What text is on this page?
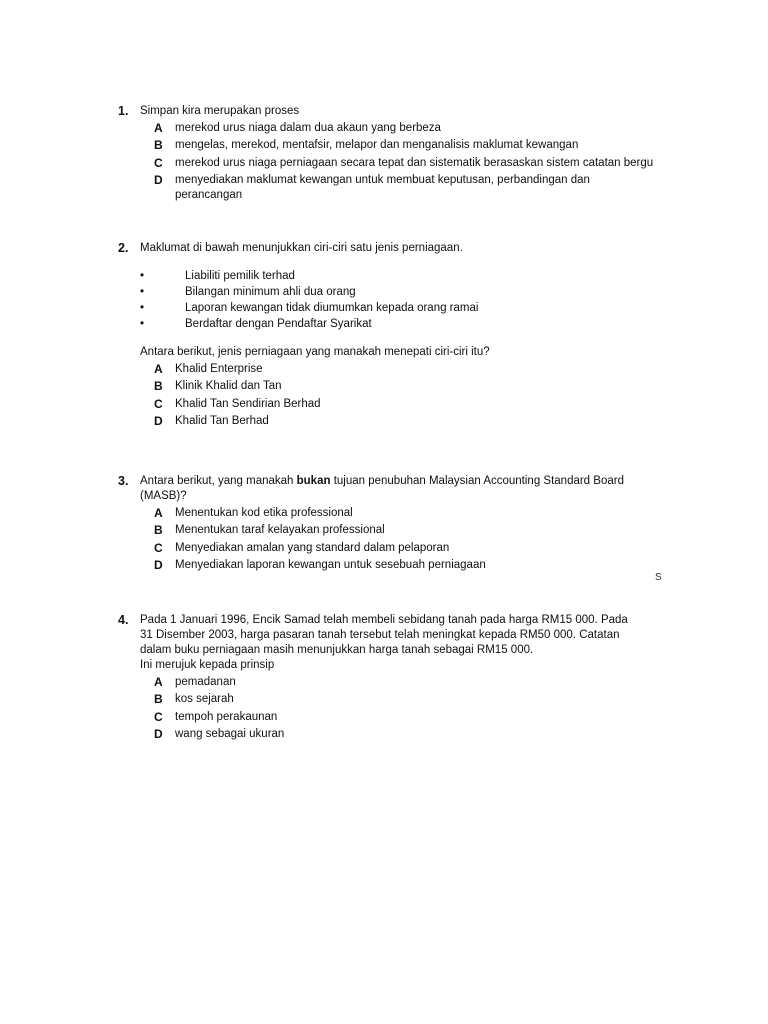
1. Simpan kira merupakan proses
A merekod urus niaga dalam dua akaun yang berbeza
B mengelas, merekod, mentafsir, melapor dan menganalisis maklumat kewangan
C merekod urus niaga perniagaan secara tepat dan sistematik berasaskan sistem catatan bergu
D menyediakan maklumat kewangan untuk membuat keputusan, perbandingan dan perancangan
2. Maklumat di bawah menunjukkan ciri-ciri satu jenis perniagaan.
•	Liabiliti pemilik terhad
•	Bilangan minimum ahli dua orang
•	Laporan kewangan tidak diumumkan kepada orang ramai
•	Berdaftar dengan Pendaftar Syarikat
Antara berikut, jenis perniagaan yang manakah menepati ciri-ciri itu?
A Khalid Enterprise
B Klinik Khalid dan Tan
C Khalid Tan Sendirian Berhad
D Khalid Tan Berhad
3. Antara berikut, yang manakah bukan tujuan penubuhan Malaysian Accounting Standard Board (MASB)?
A Menentukan kod etika professional
B Menentukan taraf kelayakan professional
C Menyediakan amalan yang standard dalam pelaporan
D Menyediakan laporan kewangan untuk sesebuah perniagaan
S
4. Pada 1 Januari 1996, Encik Samad telah membeli sebidang tanah pada harga RM15 000. Pada 31 Disember 2003, harga pasaran tanah tersebut telah meningkat kepada RM50 000. Catatan dalam buku perniagaan masih menunjukkan harga tanah sebagai RM15 000.
Ini merujuk kepada prinsip
A pemadanan
B kos sejarah
C tempoh perakaunan
D wang sebagai ukuran
